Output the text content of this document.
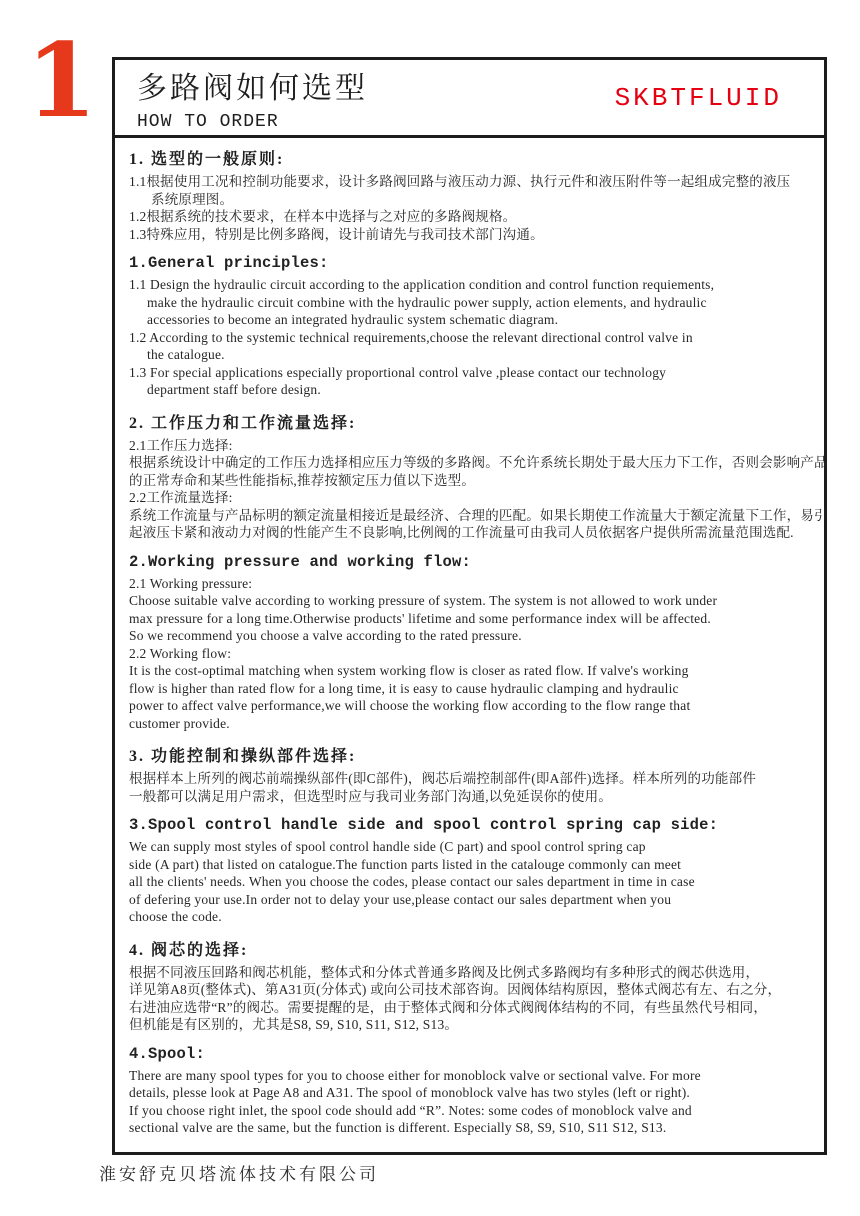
1 多路阀如何选型
HOW TO ORDER
SKBTFLUID
1. 选型的一般原则:
1.1根据使用工况和控制功能要求，设计多路阀回路与液压动力源、执行元件和液压附件等一起组成完整的液压
系统原理图。
1.2根据系统的技术要求，在样本中选择与之对应的多路阀规格。
1.3特殊应用，特别是比例多路阀，设计前请先与我司技术部门沟通。
1.General principles:
1.1 Design the hydraulic circuit according to the application condition and control function requiements,
make the hydraulic circuit combine with the hydraulic power supply, action elements, and hydraulic
accessories to become an integrated hydraulic system schematic diagram.
1.2 According to the systemic technical requirements,choose the relevant directional control valve in
the catalogue.
1.3 For special applications especially proportional control valve ,please contact our technology
department staff before design.
2. 工作压力和工作流量选择:
2.1工作压力选择:
根据系统设计中确定的工作压力选择相应压力等级的多路阀。不允许系统长期处于最大压力下工作，否则会影响产品
的正常寿命和某些性能指标,推荐按额定压力值以下选型。
2.2工作流量选择:
系统工作流量与产品标明的额定流量相接近是最经济、合理的匹配。如果长期使工作流量大于额定流量下工作，易引
起液压卡紧和液动力对阀的性能产生不良影响,比例阀的工作流量可由我司人员依据客户提供所需流量范围选配.
2.Working pressure and working flow:
2.1 Working pressure:
Choose suitable valve according to working pressure of system. The system is not allowed to work under
max pressure for a long time.Otherwise products' lifetime and some performance index will be affected.
So we recommend you choose a valve according to the rated pressure.
2.2 Working flow:
It is the cost-optimal matching when system working flow is closer as rated flow. If valve's working
flow is higher than rated flow for a long time, it is easy to cause hydraulic clamping and hydraulic
power to affect valve performance,we will choose the working flow according to the flow range that
customer provide.
3. 功能控制和操纵部件选择:
根据样本上所列的阀芯前端操纵部件(即C部件)，阀芯后端控制部件(即A部件)选择。样本所列的功能部件
一般都可以满足用户需求，但选型时应与我司业务部门沟通,以免延误你的使用。
3.Spool control handle side and spool control spring cap side:
We can supply most styles of spool control handle side (C part) and spool control spring cap
side (A part) that listed on catalogue.The function parts listed in the catalouge commonly can meet
all the clients' needs. When you choose the codes, please contact our sales department in time in case
of defering your use.In order not to delay your use,please contact our sales department when you
choose the code.
4. 阀芯的选择:
根据不同液压回路和阀芯机能，整体式和分体式普通多路阀及比例式多路阀均有多种形式的阀芯供选用，
详见第A8页(整体式)、第A31页(分体式) 或向公司技术部咨询。因阀体结构原因，整体式阀芯有左、右之分，
右进油应选带“R”的阀芯。需要提醒的是，由于整体式阀和分体式阀阀体结构的不同，有些虽然代号相同，
但机能是有区别的，尤其是S8, S9, S10, S11, S12, S13。
4.Spool:
There are many spool types for you to choose either for monoblock valve or sectional valve. For more
details, plesse look at Page A8 and A31. The spool of monoblock valve has two styles (left or right).
If you choose right inlet, the spool code should add “R”. Notes: some codes of monoblock valve and
sectional valve are the same, but the function is different. Especially S8, S9, S10, S11 S12, S13.
淮安舒克贝塔流体技术有限公司
